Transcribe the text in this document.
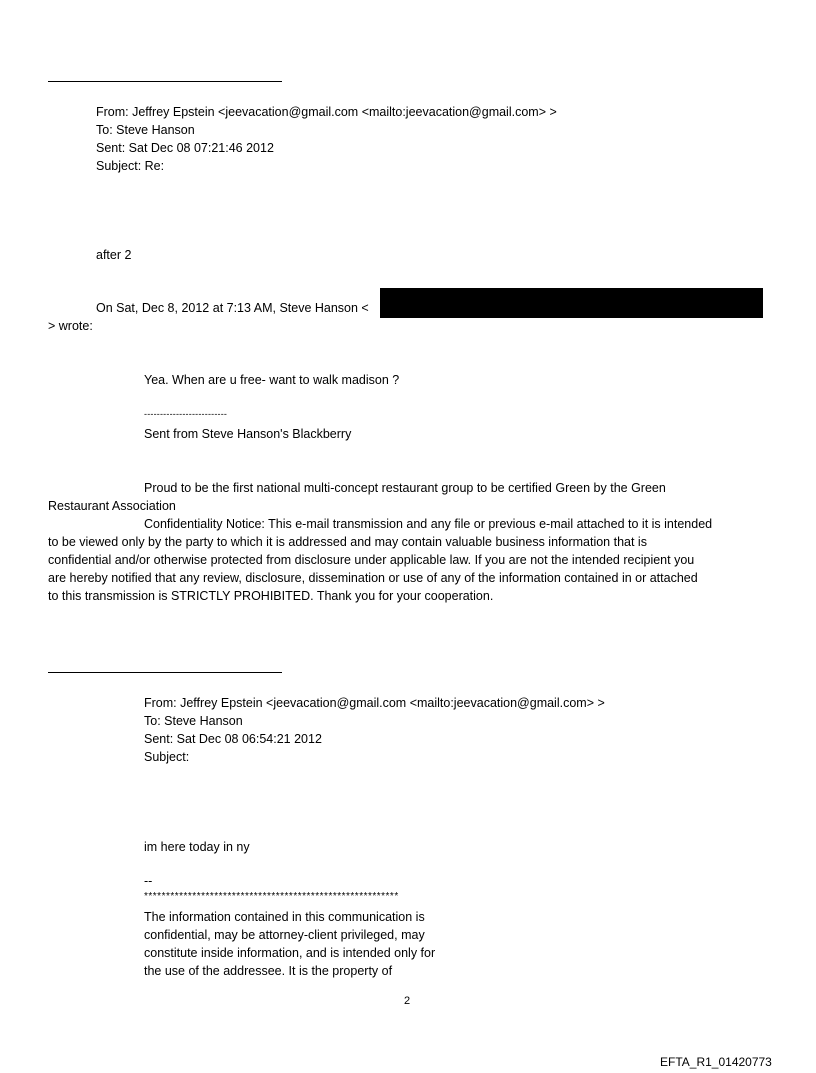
From: Jeffrey Epstein <jeevacation@gmail.com <mailto:jeevacation@gmail.com> >
To: Steve Hanson
Sent: Sat Dec 08 07:21:46 2012
Subject: Re:
after 2
On Sat, Dec 8, 2012 at 7:13 AM, Steve Hanson <
> wrote:
Yea. When are u free- want to walk madison ?
--------------------------
Sent from Steve Hanson's Blackberry
Proud to be the first national multi-concept restaurant group to be certified Green by the Green
Restaurant Association
Confidentiality Notice: This e-mail transmission and any file or previous e-mail attached to it is intended
to be viewed only by the party to which it is addressed and may contain valuable business information that is
confidential and/or otherwise protected from disclosure under applicable law. If you are not the intended recipient you
are hereby notified that any review, disclosure, dissemination or use of any of the information contained in or attached
to this transmission is STRICTLY PROHIBITED. Thank you for your cooperation.
From: Jeffrey Epstein <jeevacation@gmail.com <mailto:jeevacation@gmail.com> >
To: Steve Hanson
Sent: Sat Dec 08 06:54:21 2012
Subject:
im here today in ny
--
**********************************************************
The information contained in this communication is
confidential, may be attorney-client privileged, may
constitute inside information, and is intended only for
the use of the addressee. It is the property of
2
EFTA_R1_01420773
